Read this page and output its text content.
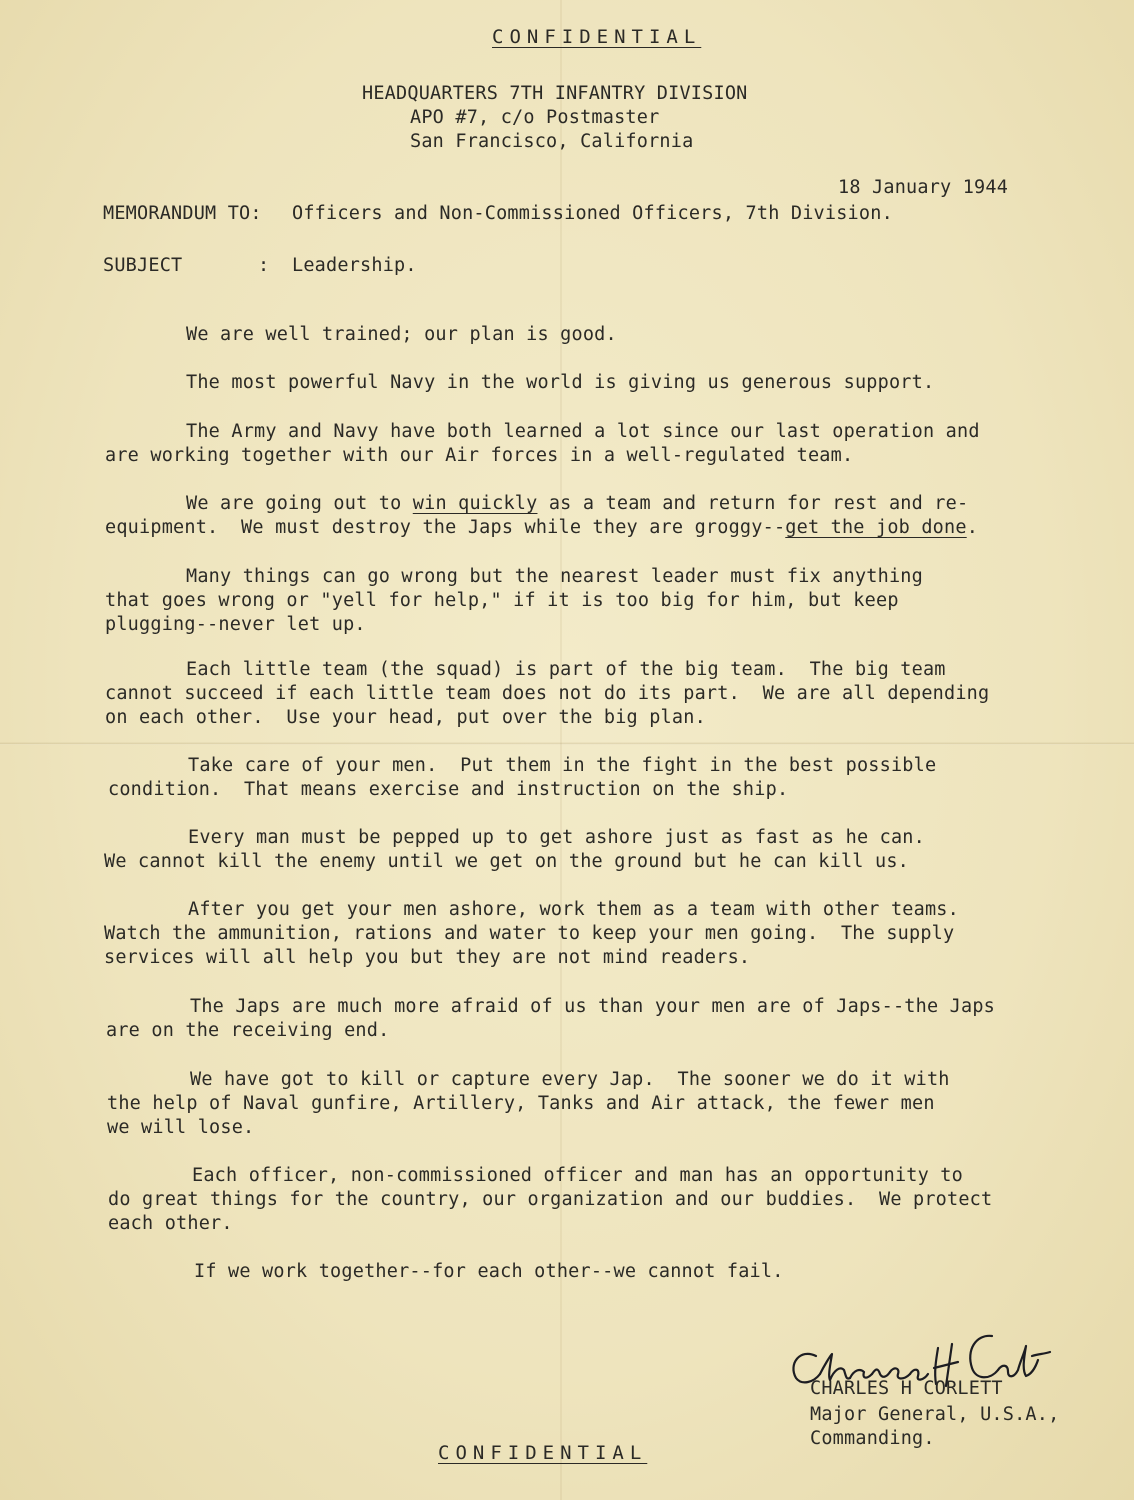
CONFIDENTIAL
HEADQUARTERS 7TH INFANTRY DIVISION
APO #7, c/o Postmaster
San Francisco, California
18 January 1944
MEMORANDUM TO: Officers and Non-Commissioned Officers, 7th Division.
SUBJECT	: Leadership.
We are well trained; our plan is good.
The most powerful Navy in the world is giving us generous support.
The Army and Navy have both learned a lot since our last operation and
are working together with our Air forces in a well-regulated team.
We are going out to win quickly as a team and return for rest and re-
equipment.  We must destroy the Japs while they are groggy--get the job done.
Many things can go wrong but the nearest leader must fix anything
that goes wrong or "yell for help," if it is too big for him, but keep
plugging--never let up.
Each little team (the squad) is part of the big team.  The big team
cannot succeed if each little team does not do its part.  We are all depending
on each other.  Use your head, put over the big plan.
Take care of your men.  Put them in the fight in the best possible
condition.  That means exercise and instruction on the ship.
Every man must be pepped up to get ashore just as fast as he can.
We cannot kill the enemy until we get on the ground but he can kill us.
After you get your men ashore, work them as a team with other teams.
Watch the ammunition, rations and water to keep your men going.  The supply
services will all help you but they are not mind readers.
The Japs are much more afraid of us than your men are of Japs--the Japs
are on the receiving end.
We have got to kill or capture every Jap.  The sooner we do it with
the help of Naval gunfire, Artillery, Tanks and Air attack, the fewer men
we will lose.
Each officer, non-commissioned officer and man has an opportunity to
do great things for the country, our organization and our buddies.  We protect
each other.
If we work together--for each other--we cannot fail.
CHARLES H CORLETT
Major General, U.S.A.,
Commanding.
CONFIDENTIAL
